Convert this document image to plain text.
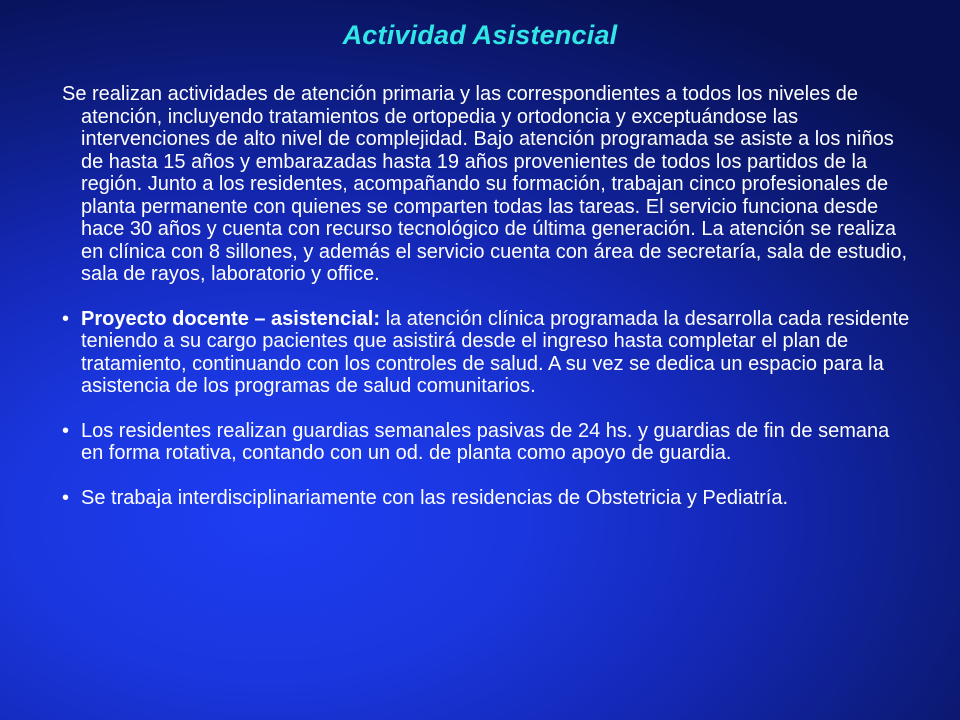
Actividad Asistencial

Se realizan actividades de atención primaria y las correspondientes a todos los niveles de atención, incluyendo tratamientos de ortopedia y ortodoncia y exceptuándose las intervenciones de alto nivel de complejidad. Bajo atención programada se asiste a los niños de hasta 15 años y embarazadas hasta 19 años provenientes de todos los partidos de la región. Junto a los residentes, acompañando su formación, trabajan cinco profesionales de planta permanente con quienes se comparten todas las tareas. El servicio funciona desde hace 30 años y cuenta con recurso tecnológico de última generación. La atención se realiza en clínica con 8 sillones, y además el servicio cuenta con área de secretaría, sala de estudio, sala de rayos, laboratorio y office.

• Proyecto docente – asistencial: la atención clínica programada la desarrolla cada residente teniendo a su cargo pacientes que asistirá desde el ingreso hasta completar el plan de tratamiento, continuando con los controles de salud. A su vez se dedica un espacio para la asistencia de los programas de salud comunitarios.
• Los residentes realizan guardias semanales pasivas de 24 hs. y guardias de fin de semana en forma rotativa, contando con un od. de planta como apoyo de guardia.
• Se trabaja interdisciplinariamente con las residencias de Obstetricia y Pediatría.
